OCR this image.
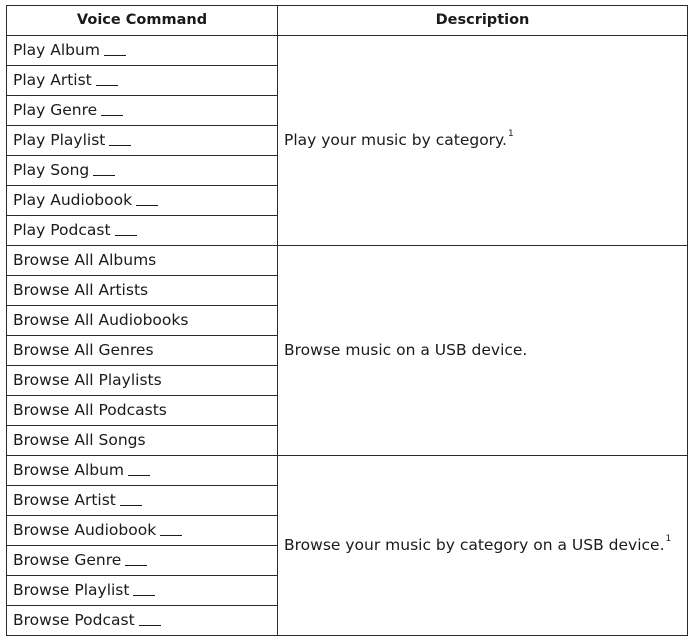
Voice Command	Description
Play Album	Play your music by category.$^1$
Play Artist	
Play Genre	
Play Playlist	
Play Song	
Play Audiobook	
Play Podcast	
Browse All Albums	Browse music on a USB device.
Browse All Artists	
Browse All Audiobooks	
Browse All Genres	
Browse All Playlists	
Browse All Podcasts	
Browse All Songs	
Browse Album	Browse your music by category on a USB device.$^1$
Browse Artist	
Browse Audiobook	
Browse Genre	
Browse Playlist	
Browse Podcast	
